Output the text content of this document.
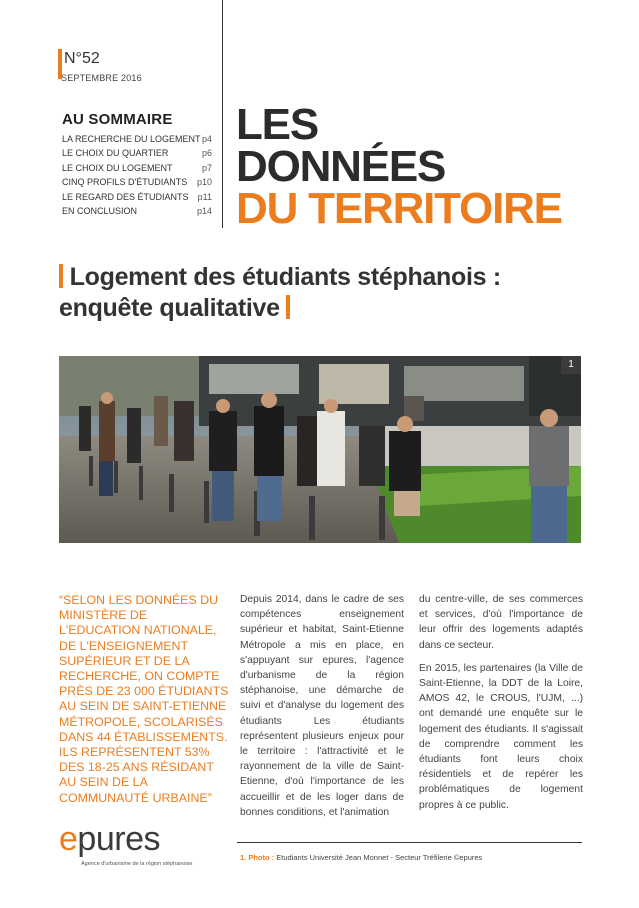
N°52
SEPTEMBRE 2016
AU SOMMAIRE
LA RECHERCHE DU LOGEMENT p4
LE CHOIX DU QUARTIER	p6
LE CHOIX DU LOGEMENT	p7
CINQ PROFILS D'ÉTUDIANTS p10
LE REGARD DES ÉTUDIANTS p11
EN CONCLUSION	p14
LES
DONNÉES
DU TERRITOIRE
Logement des étudiants stéphanois :
enquête qualitative
1
“SELON LES DONNÉES DU MINISTÈRE DE L'EDUCATION NATIONALE, DE L'ENSEIGNEMENT SUPÉRIEUR ET DE LA RECHERCHE, ON COMPTE PRÈS DE 23 000 ÉTUDIANTS AU SEIN DE SAINT-ETIENNE MÉTROPOLE, SCOLARISÉS DANS 44 ÉTABLISSEMENTS. ILS REPRÉSENTENT 53% DES 18-25 ANS RÉSIDANT AU SEIN DE LA COMMUNAUTÉ URBAINE”

Depuis 2014, dans le cadre de ses compétences enseignement supérieur et habitat, Saint-Etienne Métropole a mis en place, en s'appuyant sur epures, l'agence d'urbanisme de la région stéphanoise, une démarche de suivi et d'analyse du logement des étudiants Les étudiants représentent plusieurs enjeux pour le territoire : l'attractivité et le rayonnement de la ville de Saint-Etienne, d'où l'importance de les accueillir et de les loger dans de bonnes conditions, et l'animation

du centre-ville, de ses commerces et services, d'où l'importance de leur offrir des logements adaptés dans ce secteur.

En 2015, les partenaires (la Ville de Saint-Etienne, la DDT de la Loire, AMOS 42, le CROUS, l'UJM, ...) ont demandé une enquête sur le logement des étudiants. Il s'agissait de comprendre comment les étudiants font leurs choix résidentiels et de repérer les problématiques de logement propres à ce public.

epures
Agence d'urbanisme de la région stéphanoise
1. Photo : Etudiants Université Jean Monnet - Secteur Tréfilerie ©epures
